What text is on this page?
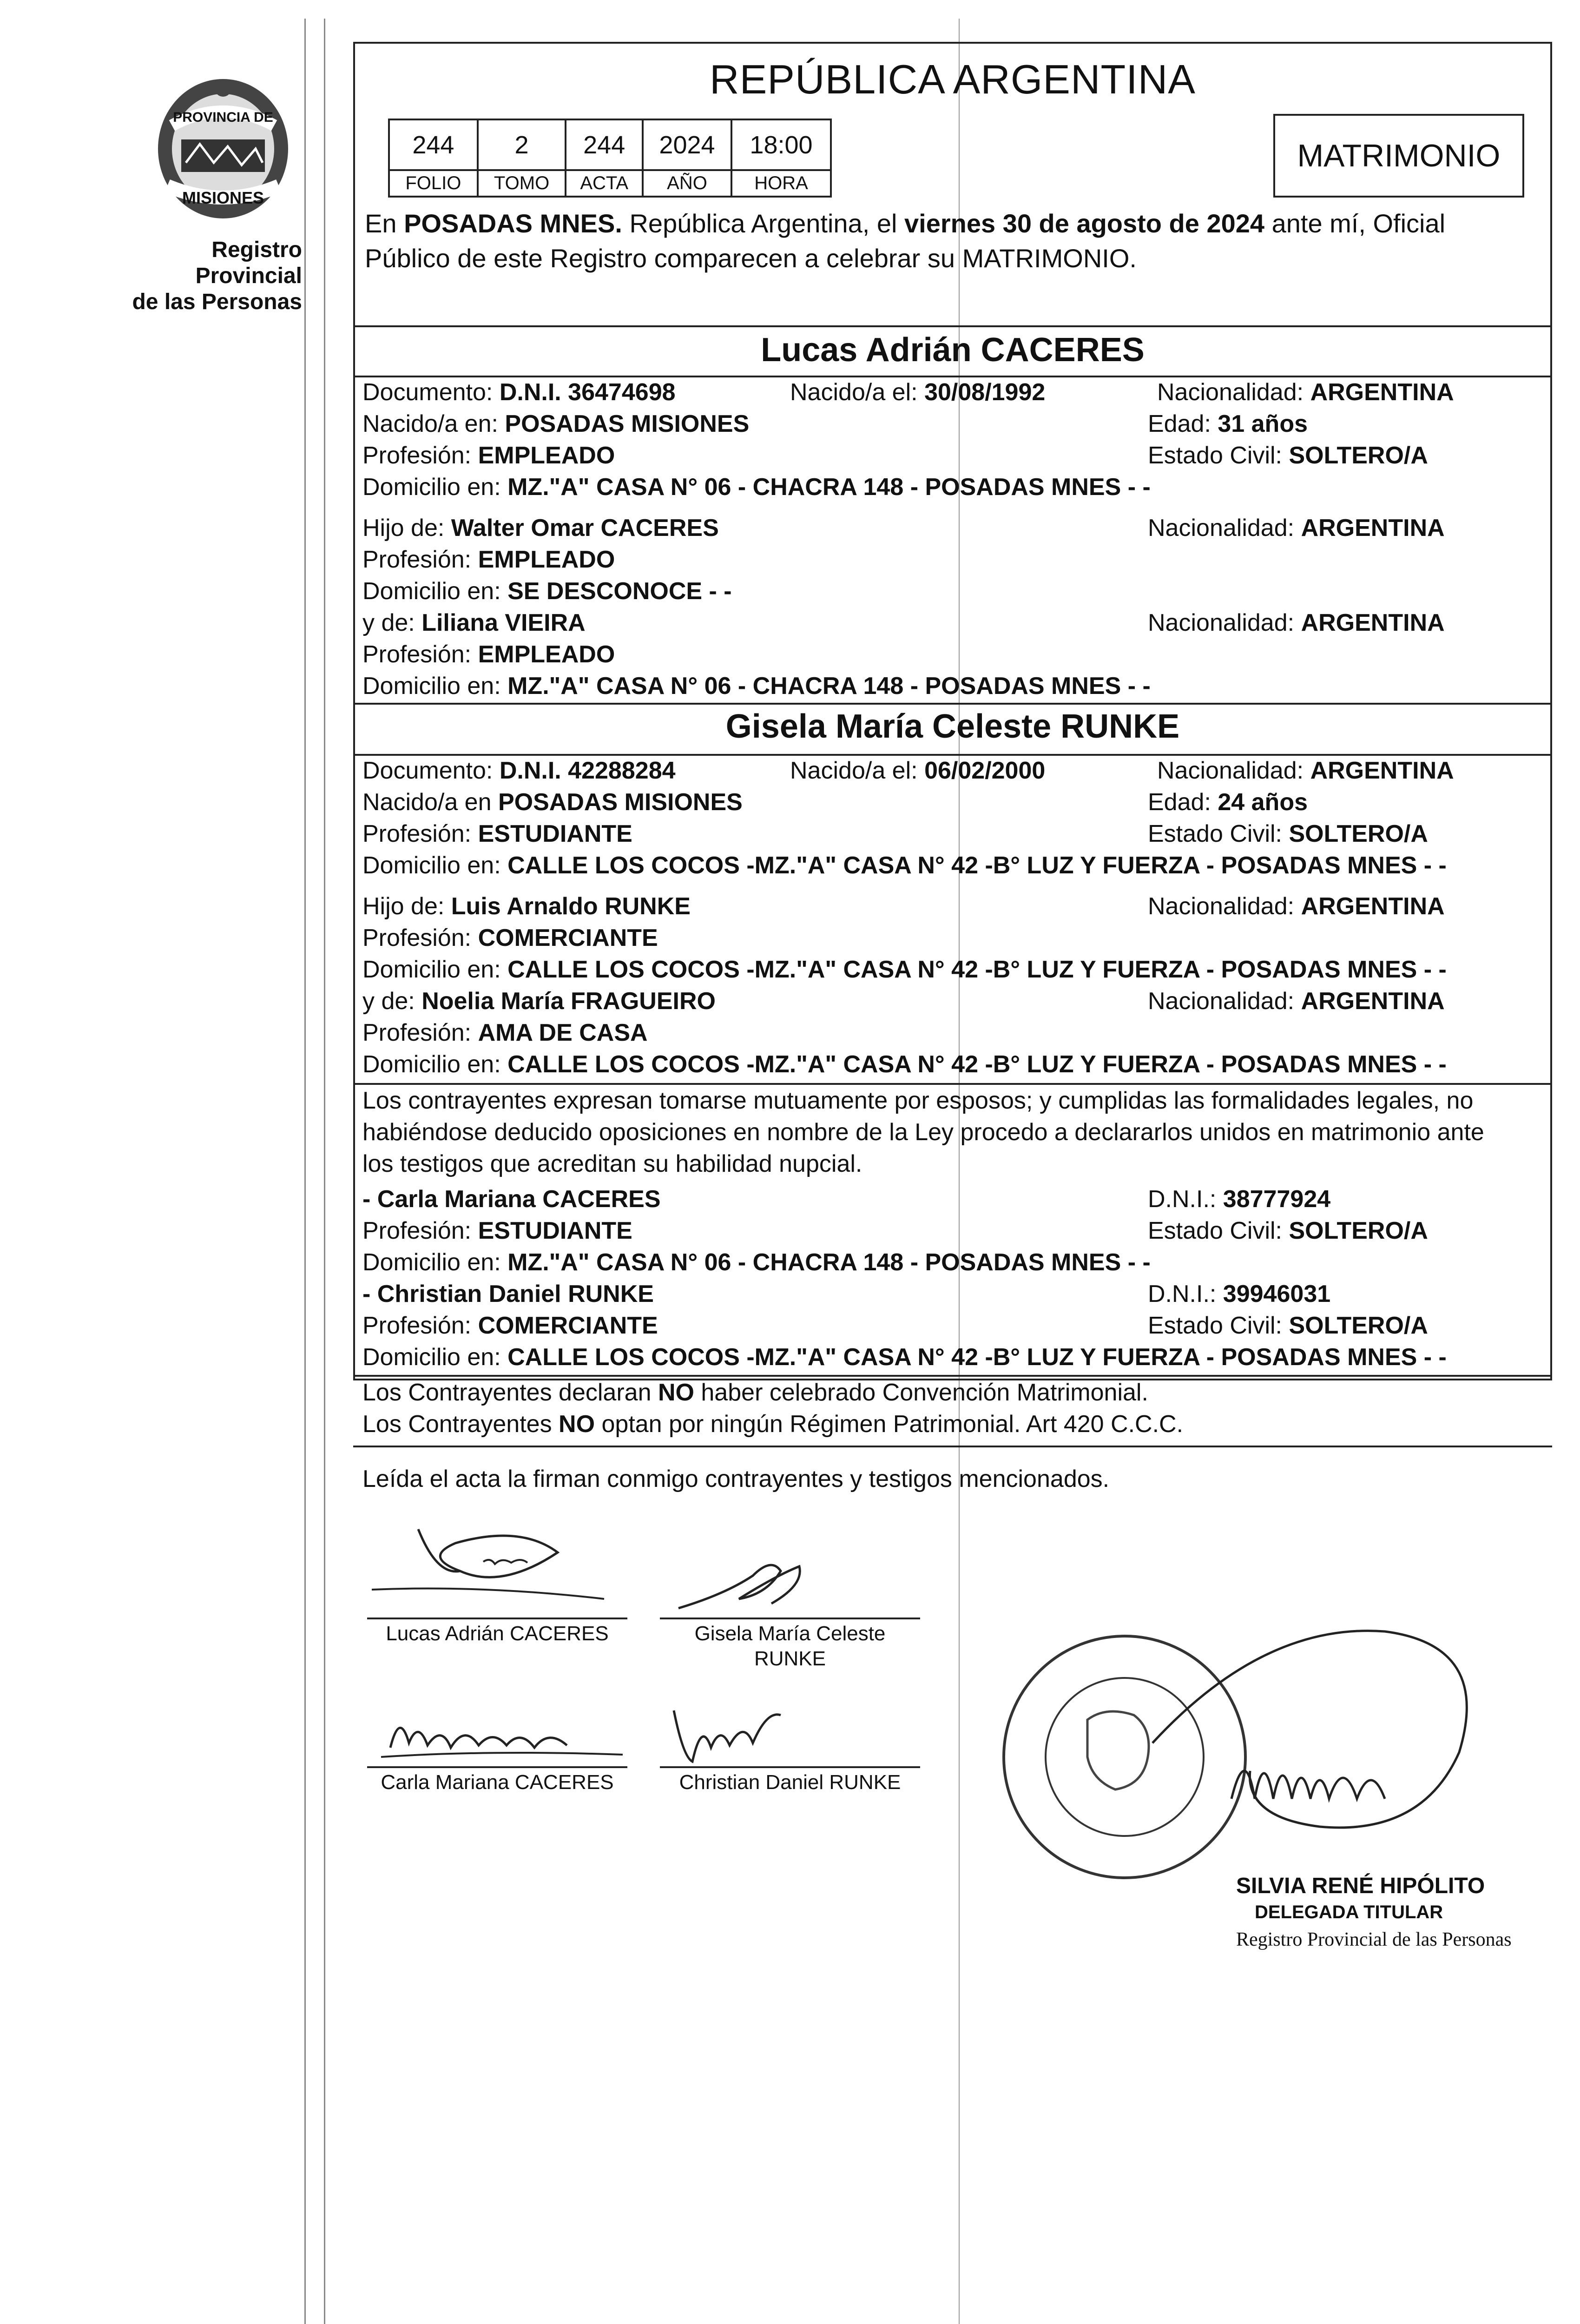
PROVINCIA DE
MISIONES
Registro Provincial
de las Personas
REPÚBLICA ARGENTINA
244	2	244	2024	18:00
FOLIO	TOMO	ACTA	AÑO	HORA
MATRIMONIO
En POSADAS MNES. República Argentina, el viernes 30 de agosto de 2024 ante mí, Oficial
Público de este Registro comparecen a celebrar su MATRIMONIO.
Lucas Adrián CACERES
Documento: D.N.I. 36474698	Nacido/a el: 30/08/1992	Nacionalidad: ARGENTINA
Nacido/a en: POSADAS MISIONES	Edad: 31 años
Profesión: EMPLEADO	Estado Civil: SOLTERO/A
Domicilio en: MZ."A" CASA N° 06 - CHACRA 148 - POSADAS MNES - -
Hijo de: Walter Omar CACERES	Nacionalidad: ARGENTINA
Profesión: EMPLEADO
Domicilio en: SE DESCONOCE - -
y de: Liliana VIEIRA	Nacionalidad: ARGENTINA
Profesión: EMPLEADO
Domicilio en: MZ."A" CASA N° 06 - CHACRA 148 - POSADAS MNES - -
Gisela María Celeste RUNKE
Documento: D.N.I. 42288284	Nacido/a el: 06/02/2000	Nacionalidad: ARGENTINA
Nacido/a en POSADAS MISIONES	Edad: 24 años
Profesión: ESTUDIANTE	Estado Civil: SOLTERO/A
Domicilio en: CALLE LOS COCOS -MZ."A" CASA N° 42 -B° LUZ Y FUERZA - POSADAS MNES - -
Hijo de: Luis Arnaldo RUNKE	Nacionalidad: ARGENTINA
Profesión: COMERCIANTE
Domicilio en: CALLE LOS COCOS -MZ."A" CASA N° 42 -B° LUZ Y FUERZA - POSADAS MNES - -
y de: Noelia María FRAGUEIRO	Nacionalidad: ARGENTINA
Profesión: AMA DE CASA
Domicilio en: CALLE LOS COCOS -MZ."A" CASA N° 42 -B° LUZ Y FUERZA - POSADAS MNES - -
Los contrayentes expresan tomarse mutuamente por esposos; y cumplidas las formalidades legales, no
habiéndose deducido oposiciones en nombre de la Ley procedo a declararlos unidos en matrimonio ante
los testigos que acreditan su habilidad nupcial.
- Carla Mariana CACERES	D.N.I.: 38777924
Profesión: ESTUDIANTE	Estado Civil: SOLTERO/A
Domicilio en: MZ."A" CASA N° 06 - CHACRA 148 - POSADAS MNES - -
- Christian Daniel RUNKE	D.N.I.: 39946031
Profesión: COMERCIANTE	Estado Civil: SOLTERO/A
Domicilio en: CALLE LOS COCOS -MZ."A" CASA N° 42 -B° LUZ Y FUERZA - POSADAS MNES - -
Los Contrayentes declaran NO haber celebrado Convención Matrimonial.
Los Contrayentes NO optan por ningún Régimen Patrimonial. Art 420 C.C.C.
Leída el acta la firman conmigo contrayentes y testigos mencionados.
Lucas Adrián CACERES	Gisela María Celeste RUNKE
Carla Mariana CACERES	Christian Daniel RUNKE
SILVIA RENÉ HIPÓLITO
DELEGADA TITULAR
Registro Provincial de las Personas
